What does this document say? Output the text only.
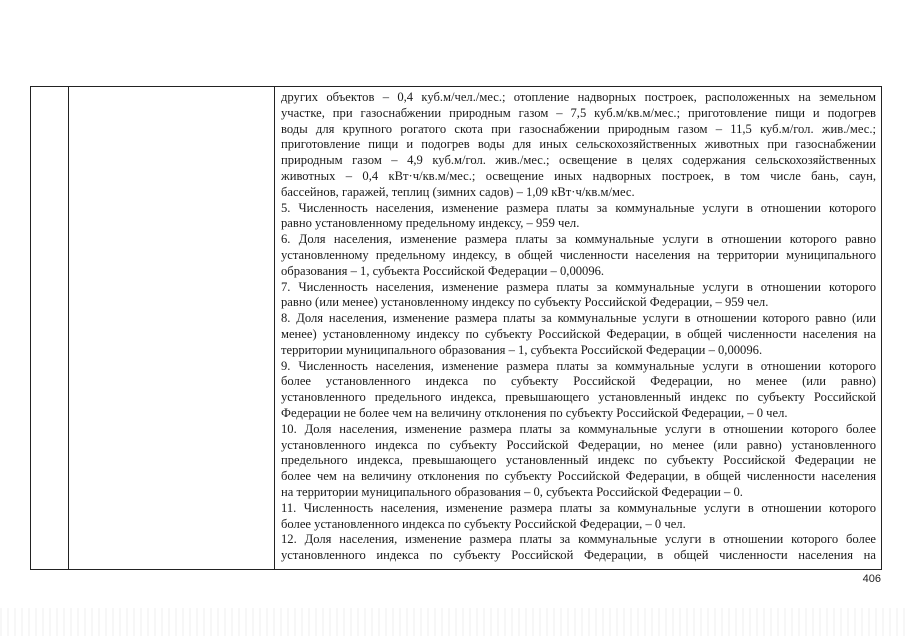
других объектов – 0,4 куб.м/чел./мес.; отопление надворных построек, расположенных на земельном
участке, при газоснабжении природным газом – 7,5 куб.м/кв.м/мес.; приготовление пищи и подогрев
воды для крупного рогатого скота при газоснабжении природным газом – 11,5 куб.м/гол. жив./мес.;
приготовление пищи и подогрев воды для иных сельскохозяйственных животных при газоснабжении
природным газом – 4,9 куб.м/гол. жив./мес.; освещение в целях содержания сельскохозяйственных
животных – 0,4 кВт·ч/кв.м/мес.; освещение иных надворных построек, в том числе бань, саун,
бассейнов, гаражей, теплиц (зимних садов) – 1,09 кВт·ч/кв.м/мес.
5. Численность населения, изменение размера платы за коммунальные услуги в отношении которого
равно установленному предельному индексу, – 959 чел.
6. Доля населения, изменение размера платы за коммунальные услуги в отношении которого равно
установленному предельному индексу, в общей численности населения на территории муниципального
образования – 1, субъекта Российской Федерации – 0,00096.
7. Численность населения, изменение размера платы за коммунальные услуги в отношении которого
равно (или менее) установленному индексу по субъекту Российской Федерации, – 959 чел.
8. Доля населения, изменение размера платы за коммунальные услуги в отношении которого равно (или
менее) установленному индексу по субъекту Российской Федерации, в общей численности населения на
территории муниципального образования – 1, субъекта Российской Федерации – 0,00096.
9. Численность населения, изменение размера платы за коммунальные услуги в отношении которого
более установленного индекса по субъекту Российской Федерации, но менее (или равно)
установленного предельного индекса, превышающего установленный индекс по субъекту Российской
Федерации не более чем на величину отклонения по субъекту Российской Федерации, – 0 чел.
10. Доля населения, изменение размера платы за коммунальные услуги в отношении которого более
установленного индекса по субъекту Российской Федерации, но менее (или равно) установленного
предельного индекса, превышающего установленный индекс по субъекту Российской Федерации не
более чем на величину отклонения по субъекту Российской Федерации, в общей численности населения
на территории муниципального образования – 0, субъекта Российской Федерации – 0.
11. Численность населения, изменение размера платы за коммунальные услуги в отношении которого
более установленного индекса по субъекту Российской Федерации, – 0 чел.
12. Доля населения, изменение размера платы за коммунальные услуги в отношении которого более
установленного индекса по субъекту Российской Федерации, в общей численности населения на
406
